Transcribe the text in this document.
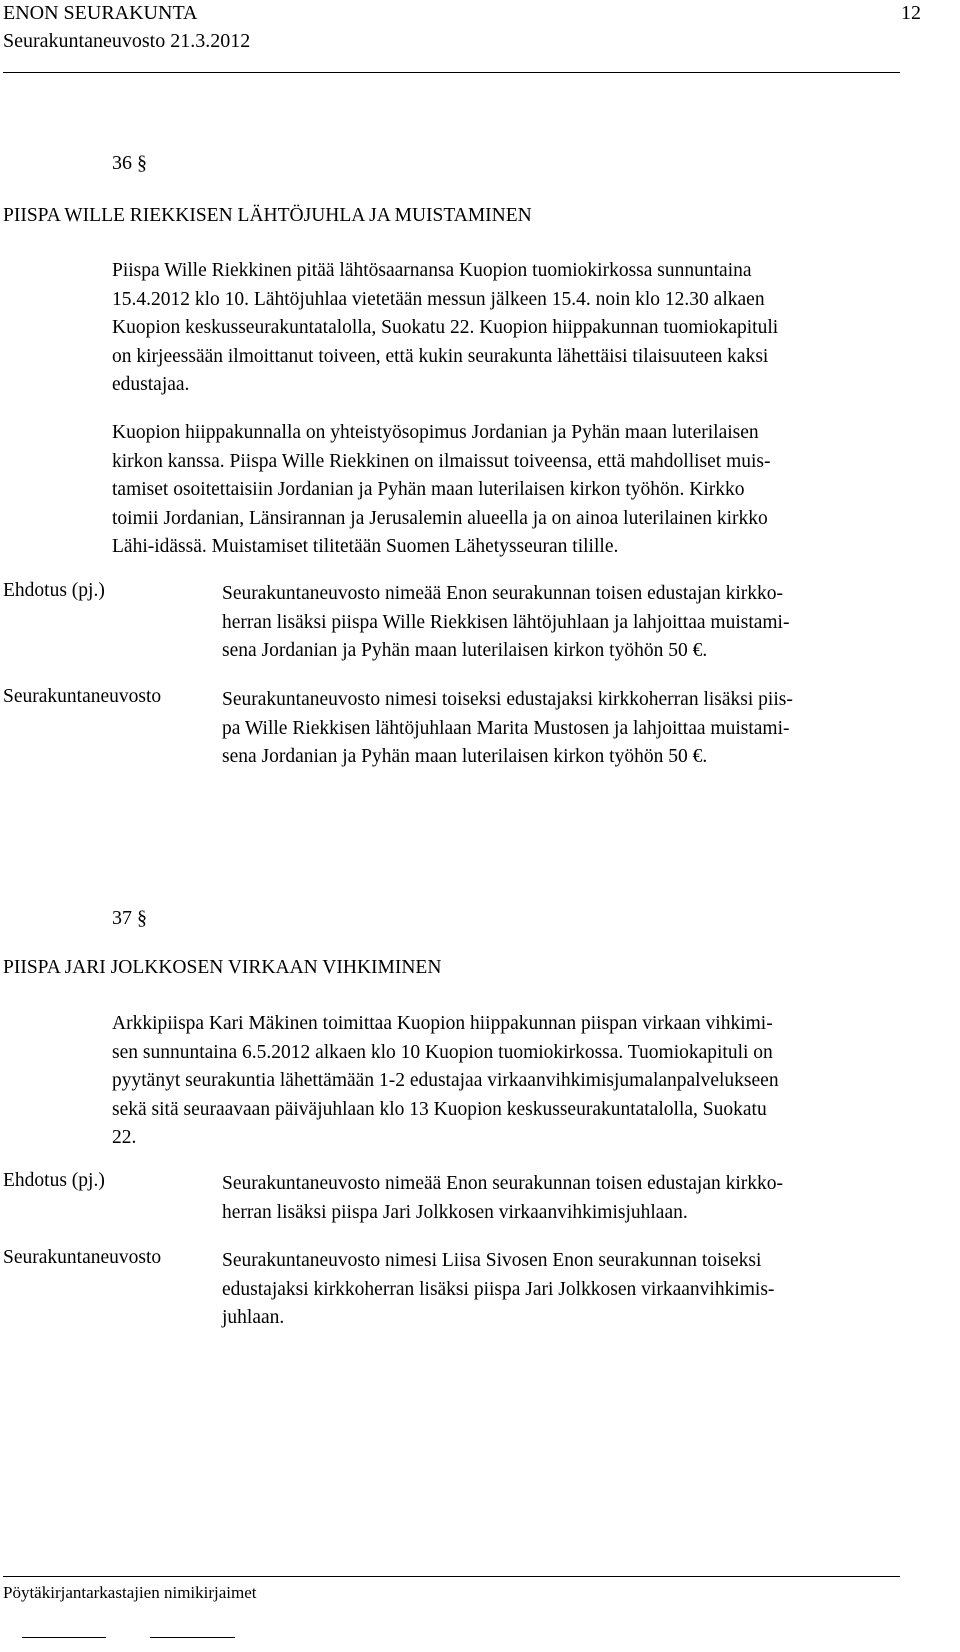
ENON SEURAKUNTA	12
Seurakuntaneuvosto 21.3.2012
36 §
PIISPA WILLE RIEKKISEN LÄHTÖJUHLA JA MUISTAMINEN
Piispa Wille Riekkinen pitää lähtösaarnansa Kuopion tuomiokirkossa sunnuntaina
15.4.2012 klo 10. Lähtöjuhlaa vietetään messun jälkeen 15.4. noin klo 12.30 alkaen
Kuopion keskusseurakuntatalolla, Suokatu 22. Kuopion hiippakunnan tuomiokapituli
on kirjeessään ilmoittanut toiveen, että kukin seurakunta lähettäisi tilaisuuteen kaksi
edustajaa.
Kuopion hiippakunnalla on yhteistyösopimus Jordanian ja Pyhän maan luterilaisen
kirkon kanssa. Piispa Wille Riekkinen on ilmaissut toiveensa, että mahdolliset muis-
tamiset osoitettaisiin Jordanian ja Pyhän maan luterilaisen kirkon työhön. Kirkko
toimii Jordanian, Länsirannan ja Jerusalemin alueella ja on ainoa luterilainen kirkko
Lähi-idässä. Muistamiset tilitetään Suomen Lähetysseuran tilille.
Ehdotus (pj.)	Seurakuntaneuvosto nimeää Enon seurakunnan toisen edustajan kirkko-
herran lisäksi piispa Wille Riekkisen lähtöjuhlaan ja lahjoittaa muistami-
sena Jordanian ja Pyhän maan luterilaisen kirkon työhön 50 €.
Seurakuntaneuvosto	Seurakuntaneuvosto nimesi toiseksi edustajaksi kirkkoherran lisäksi piis-
pa Wille Riekkisen lähtöjuhlaan Marita Mustosen ja lahjoittaa muistami-
sena Jordanian ja Pyhän maan luterilaisen kirkon työhön 50 €.
37 §
PIISPA JARI JOLKKOSEN VIRKAAN VIHKIMINEN
Arkkipiispa Kari Mäkinen toimittaa Kuopion hiippakunnan piispan virkaan vihkimi-
sen sunnuntaina 6.5.2012 alkaen klo 10 Kuopion tuomiokirkossa. Tuomiokapituli on
pyytänyt seurakuntia lähettämään 1-2 edustajaa virkaanvihkimisjumalanpalvelukseen
sekä sitä seuraavaan päiväjuhlaan klo 13 Kuopion keskusseurakuntatalolla, Suokatu
22.
Ehdotus (pj.)	Seurakuntaneuvosto nimeää Enon seurakunnan toisen edustajan kirkko-
herran lisäksi piispa Jari Jolkkosen virkaanvihkimisjuhlaan.
Seurakuntaneuvosto	Seurakuntaneuvosto nimesi Liisa Sivosen Enon seurakunnan toiseksi
edustajaksi kirkkoherran lisäksi piispa Jari Jolkkosen virkaanvihkimis-
juhlaan.
Pöytäkirjantarkastajien nimikirjaimet
